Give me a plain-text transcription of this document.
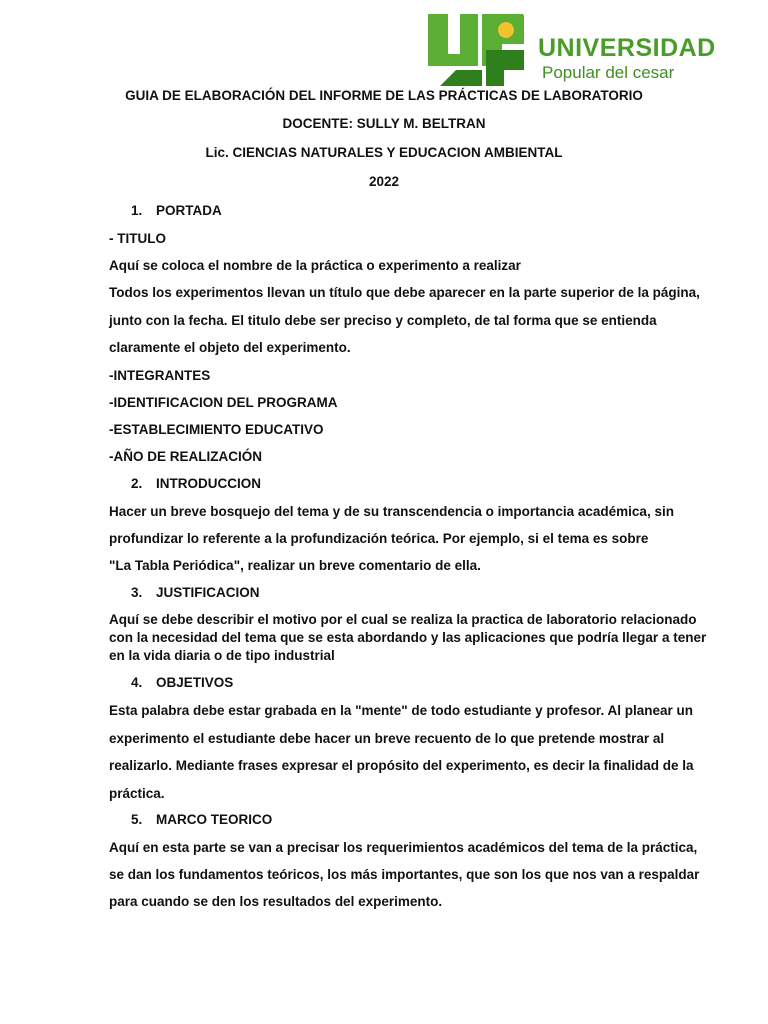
UNIVERSIDAD
Popular del cesar
GUIA DE ELABORACIÓN DEL INFORME DE LAS PRÁCTICAS DE LABORATORIO
DOCENTE: SULLY M. BELTRAN
Lic. CIENCIAS NATURALES Y EDUCACION AMBIENTAL
2022
1. PORTADA
- TITULO
Aquí se coloca el nombre de la práctica o experimento a realizar
Todos los experimentos llevan un título que debe aparecer en la parte superior de la página,
junto con la fecha. El titulo debe ser preciso y completo, de tal forma que se entienda
claramente el objeto del experimento.
-INTEGRANTES
-IDENTIFICACION DEL PROGRAMA
-ESTABLECIMIENTO EDUCATIVO
-AÑO DE REALIZACIÓN
2. INTRODUCCION
Hacer un breve bosquejo del tema y de su transcendencia o importancia académica, sin
profundizar lo referente a la profundización teórica. Por ejemplo, si el tema es sobre
"La Tabla Periódica", realizar un breve comentario de ella.
3. JUSTIFICACION
Aquí se debe describir el motivo por el cual se realiza la practica de laboratorio relacionado
con la necesidad del tema que se esta abordando y las aplicaciones que podría llegar a tener
en la vida diaria o de tipo industrial
4. OBJETIVOS
Esta palabra debe estar grabada en la "mente" de todo estudiante y profesor. Al planear un
experimento el estudiante debe hacer un breve recuento de lo que pretende mostrar al
realizarlo. Mediante frases expresar el propósito del experimento, es decir la finalidad de la
práctica.
5. MARCO TEORICO
Aquí en esta parte se van a precisar los requerimientos académicos del tema de la práctica,
se dan los fundamentos teóricos, los más importantes, que son los que nos van a respaldar
para cuando se den los resultados del experimento.
